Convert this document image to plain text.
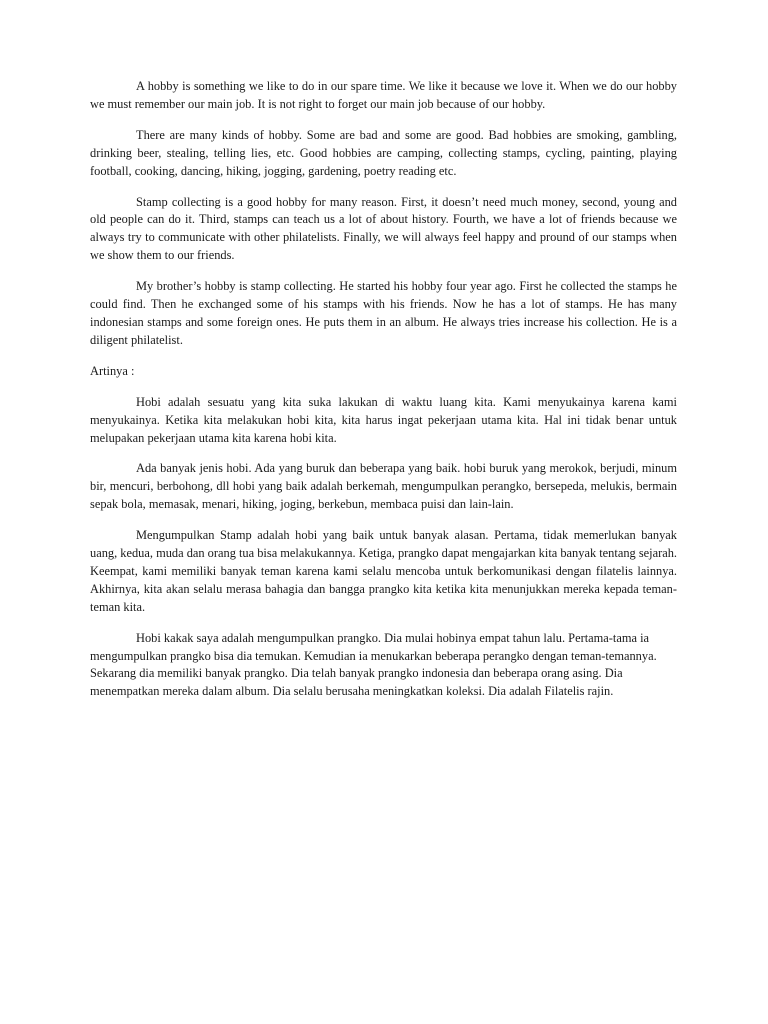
A hobby is something we like to do in our spare time. We like it because we love it. When we do our hobby we must remember our main job. It is not right to forget our main job because of our hobby.

There are many kinds of hobby. Some are bad and some are good. Bad hobbies are smoking, gambling, drinking beer, stealing, telling lies, etc. Good hobbies are camping, collecting stamps, cycling, painting, playing football, cooking, dancing, hiking, jogging, gardening, poetry reading etc.

Stamp collecting is a good hobby for many reason. First, it doesn’t need much money, second, young and old people can do it. Third, stamps can teach us a lot of about history. Fourth, we have a lot of friends because we always try to communicate with other philatelists. Finally, we will always feel happy and pround of our stamps when we show them to our friends.

My brother’s hobby is stamp collecting. He started his hobby four year ago. First he collected the stamps he could find. Then he exchanged some of his stamps with his friends. Now he has a lot of stamps. He has many indonesian stamps and some foreign ones. He puts them in an album. He always tries increase his collection. He is a diligent philatelist.

Artinya :

Hobi adalah sesuatu yang kita suka lakukan di waktu luang kita. Kami menyukainya karena kami menyukainya. Ketika kita melakukan hobi kita, kita harus ingat pekerjaan utama kita. Hal ini tidak benar untuk melupakan pekerjaan utama kita karena hobi kita.

Ada banyak jenis hobi. Ada yang buruk dan beberapa yang baik. hobi buruk yang merokok, berjudi, minum bir, mencuri, berbohong, dll hobi yang baik adalah berkemah, mengumpulkan perangko, bersepeda, melukis, bermain sepak bola, memasak, menari, hiking, joging, berkebun, membaca puisi dan lain-lain.

Mengumpulkan Stamp adalah hobi yang baik untuk banyak alasan. Pertama, tidak memerlukan banyak uang, kedua, muda dan orang tua bisa melakukannya. Ketiga, prangko dapat mengajarkan kita banyak tentang sejarah. Keempat, kami memiliki banyak teman karena kami selalu mencoba untuk berkomunikasi dengan filatelis lainnya. Akhirnya, kita akan selalu merasa bahagia dan bangga prangko kita ketika kita menunjukkan mereka kepada teman-teman kita.

Hobi kakak saya adalah mengumpulkan prangko. Dia mulai hobinya empat tahun lalu. Pertama-tama ia mengumpulkan prangko bisa dia temukan. Kemudian ia menukarkan beberapa perangko dengan teman-temannya. Sekarang dia memiliki banyak prangko. Dia telah banyak prangko indonesia dan beberapa orang asing. Dia menempatkan mereka dalam album. Dia selalu berusaha meningkatkan koleksi. Dia adalah Filatelis rajin.
